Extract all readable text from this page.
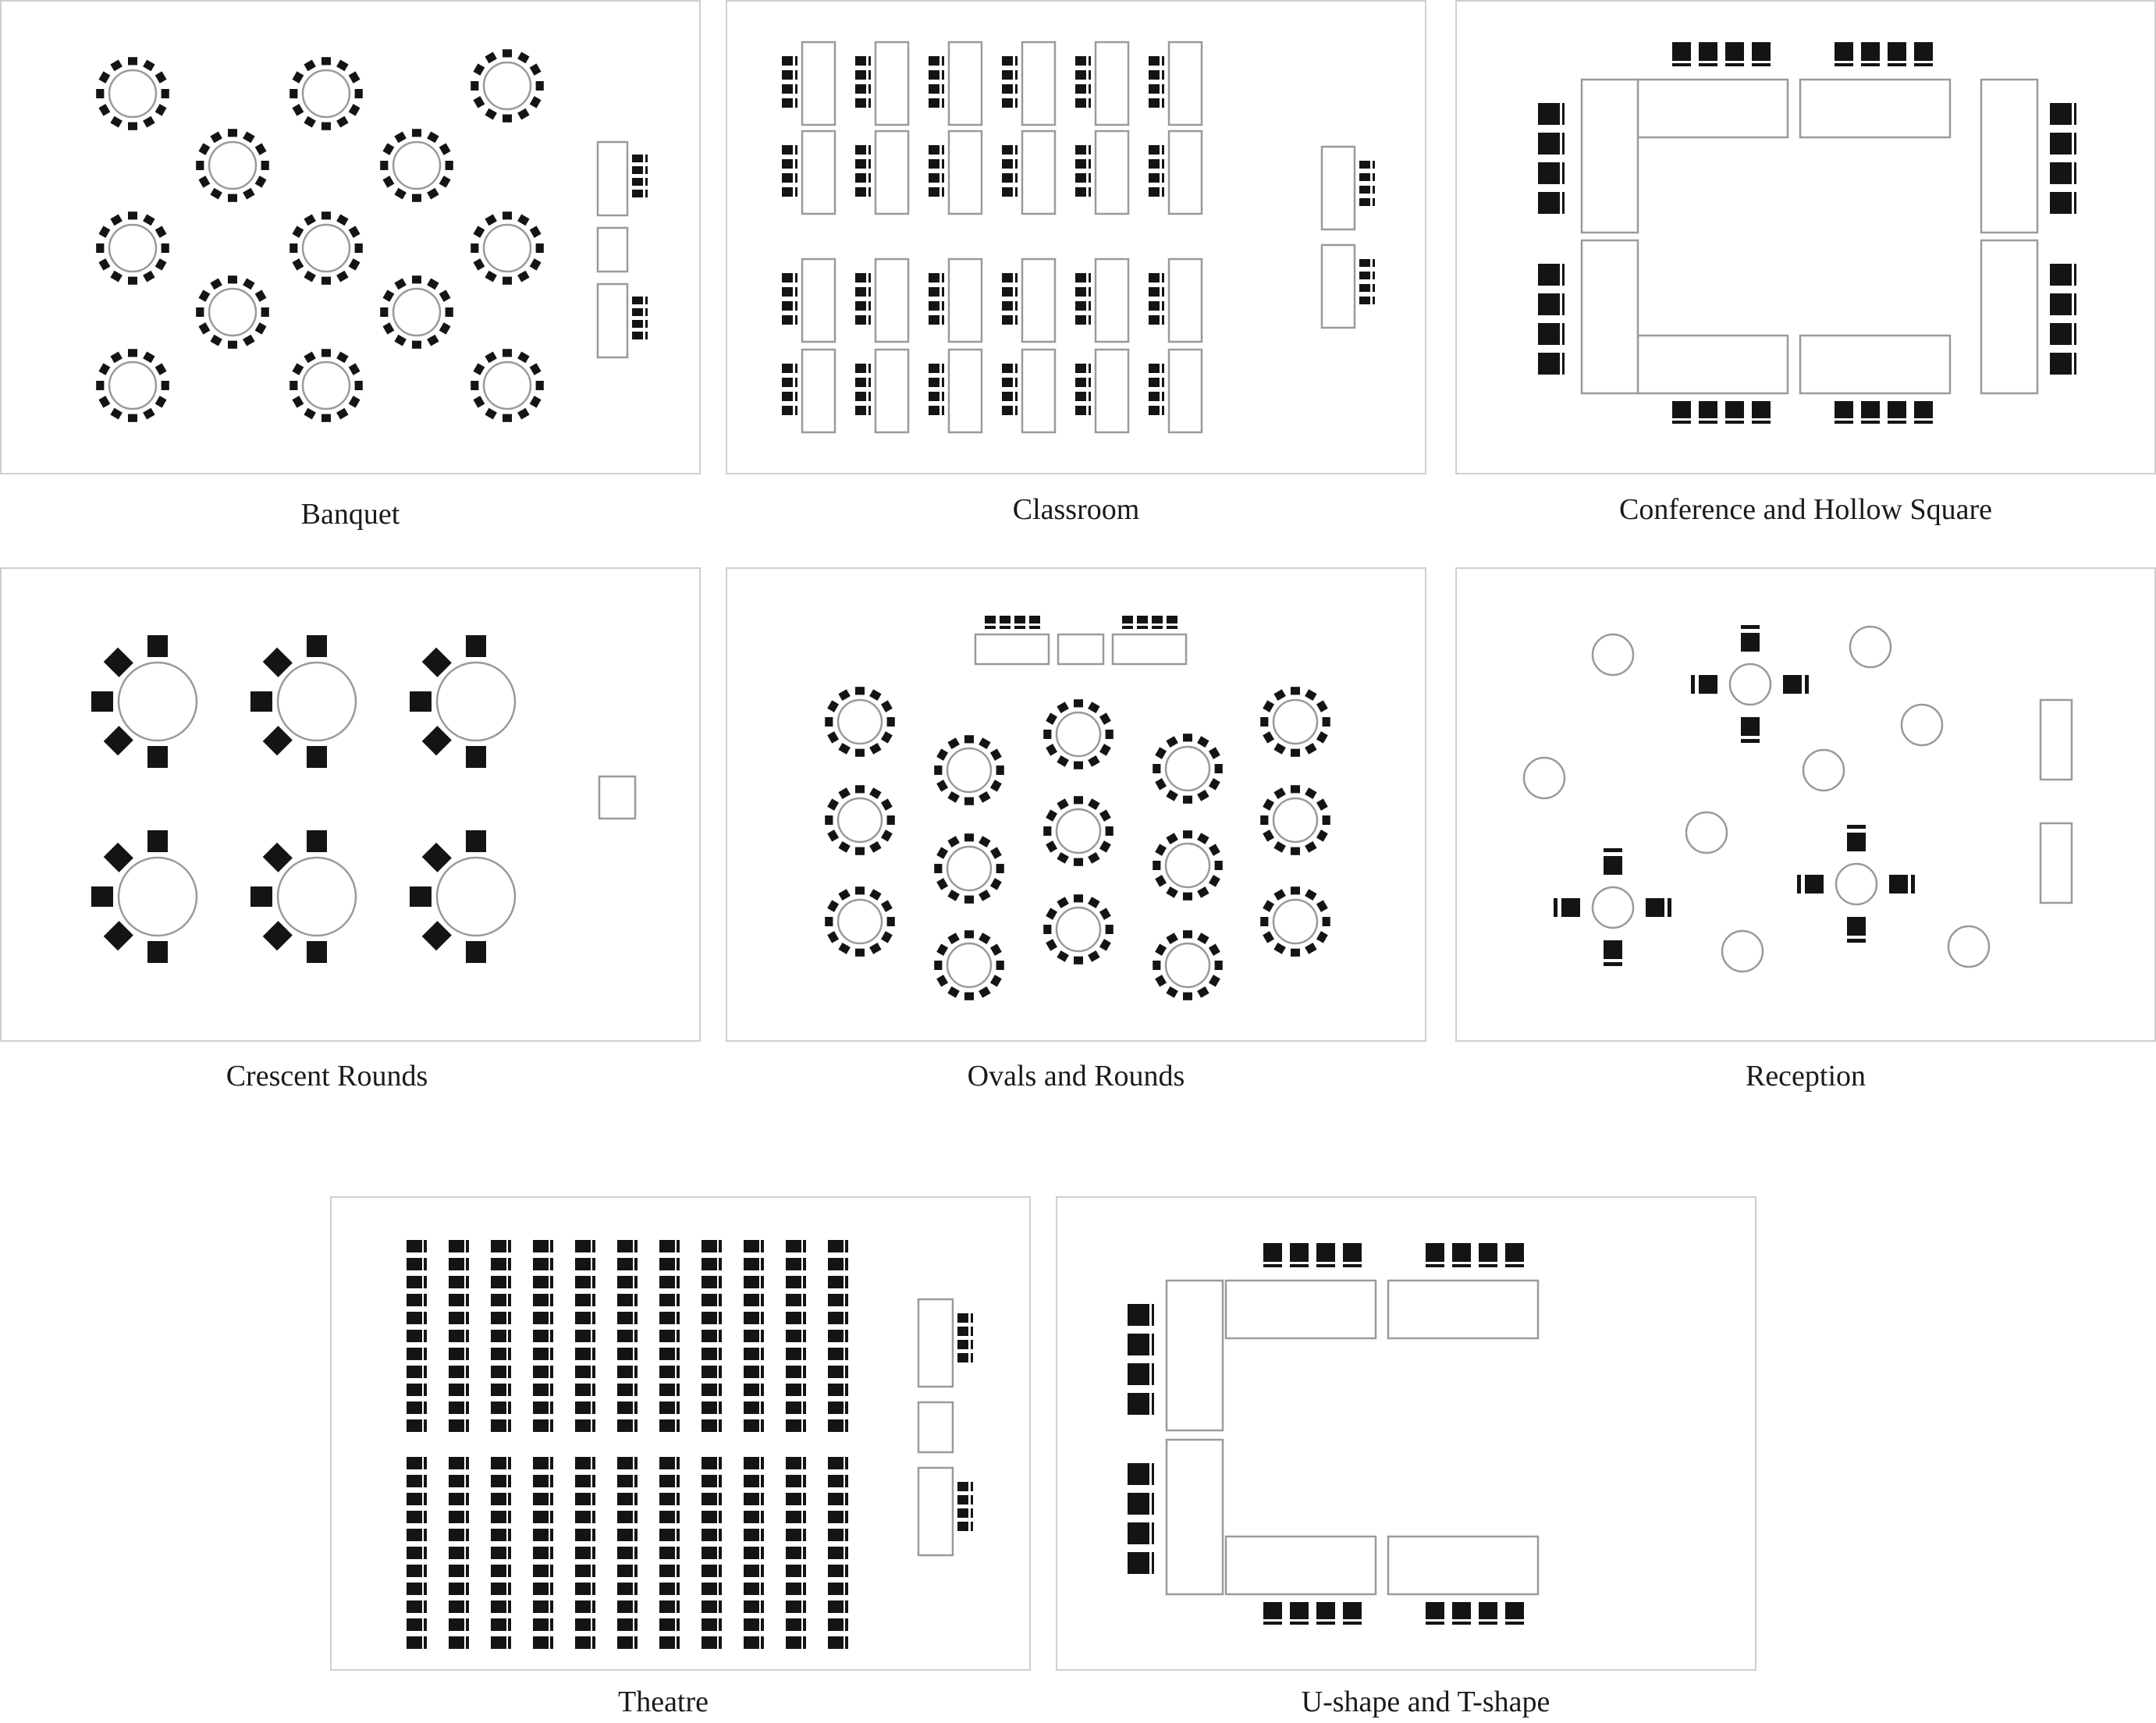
Banquet	Classroom	Conference and Hollow Square
Crescent Rounds	Ovals and Rounds	Reception
Theatre	U-shape and T-shape
